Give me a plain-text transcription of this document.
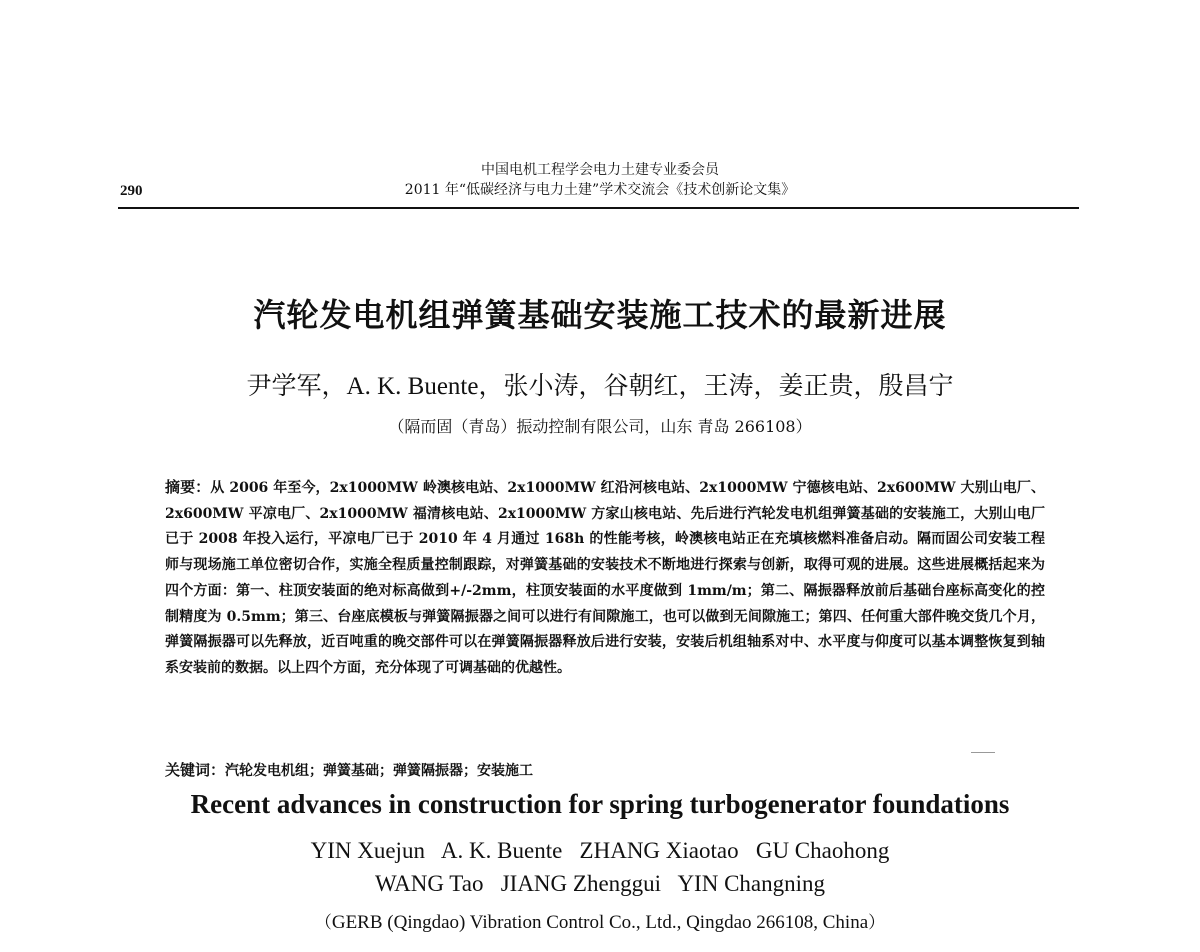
290
中国电机工程学会电力土建专业委会员
2011 年“低碳经济与电力土建”学术交流会《技术创新论文集》
汽轮发电机组弹簧基础安装施工技术的最新进展
尹学军，A. K. Buente，张小涛，谷朝红，王涛，姜正贵，殷昌宁
（隔而固（青岛）振动控制有限公司，山东 青岛 266108）
摘要：从 2006 年至今，2x1000MW 岭澳核电站、2x1000MW 红沿河核电站、2x1000MW 宁德核电站、2x600MW 大别山电厂、2x600MW 平凉电厂、2x1000MW 福清核电站、2x1000MW 方家山核电站、先后进行汽轮发电机组弹簧基础的安装施工，大别山电厂已于 2008 年投入运行，平凉电厂已于 2010 年 4 月通过 168h 的性能考核，岭澳核电站正在充填核燃料准备启动。隔而固公司安装工程师与现场施工单位密切合作，实施全程质量控制跟踪，对弹簧基础的安装技术不断地进行探索与创新，取得可观的进展。这些进展概括起来为四个方面：第一、柱顶安装面的绝对标高做到+/-2mm，柱顶安装面的水平度做到 1mm/m；第二、隔振器释放前后基础台座标高变化的控制精度为 0.5mm；第三、台座底模板与弹簧隔振器之间可以进行有间隙施工，也可以做到无间隙施工；第四、任何重大部件晚交货几个月，弹簧隔振器可以先释放，近百吨重的晚交部件可以在弹簧隔振器释放后进行安装，安装后机组轴系对中、水平度与仰度可以基本调整恢复到轴系安装前的数据。以上四个方面，充分体现了可调基础的优越性。
关键词：汽轮发电机组；弹簧基础；弹簧隔振器；安装施工
Recent advances in construction for spring turbogenerator foundations
YIN Xuejun   A. K. Buente   ZHANG Xiaotao   GU Chaohong
WANG Tao   JIANG Zhenggui   YIN Changning
（GERB (Qingdao) Vibration Control Co., Ltd., Qingdao 266108, China）
